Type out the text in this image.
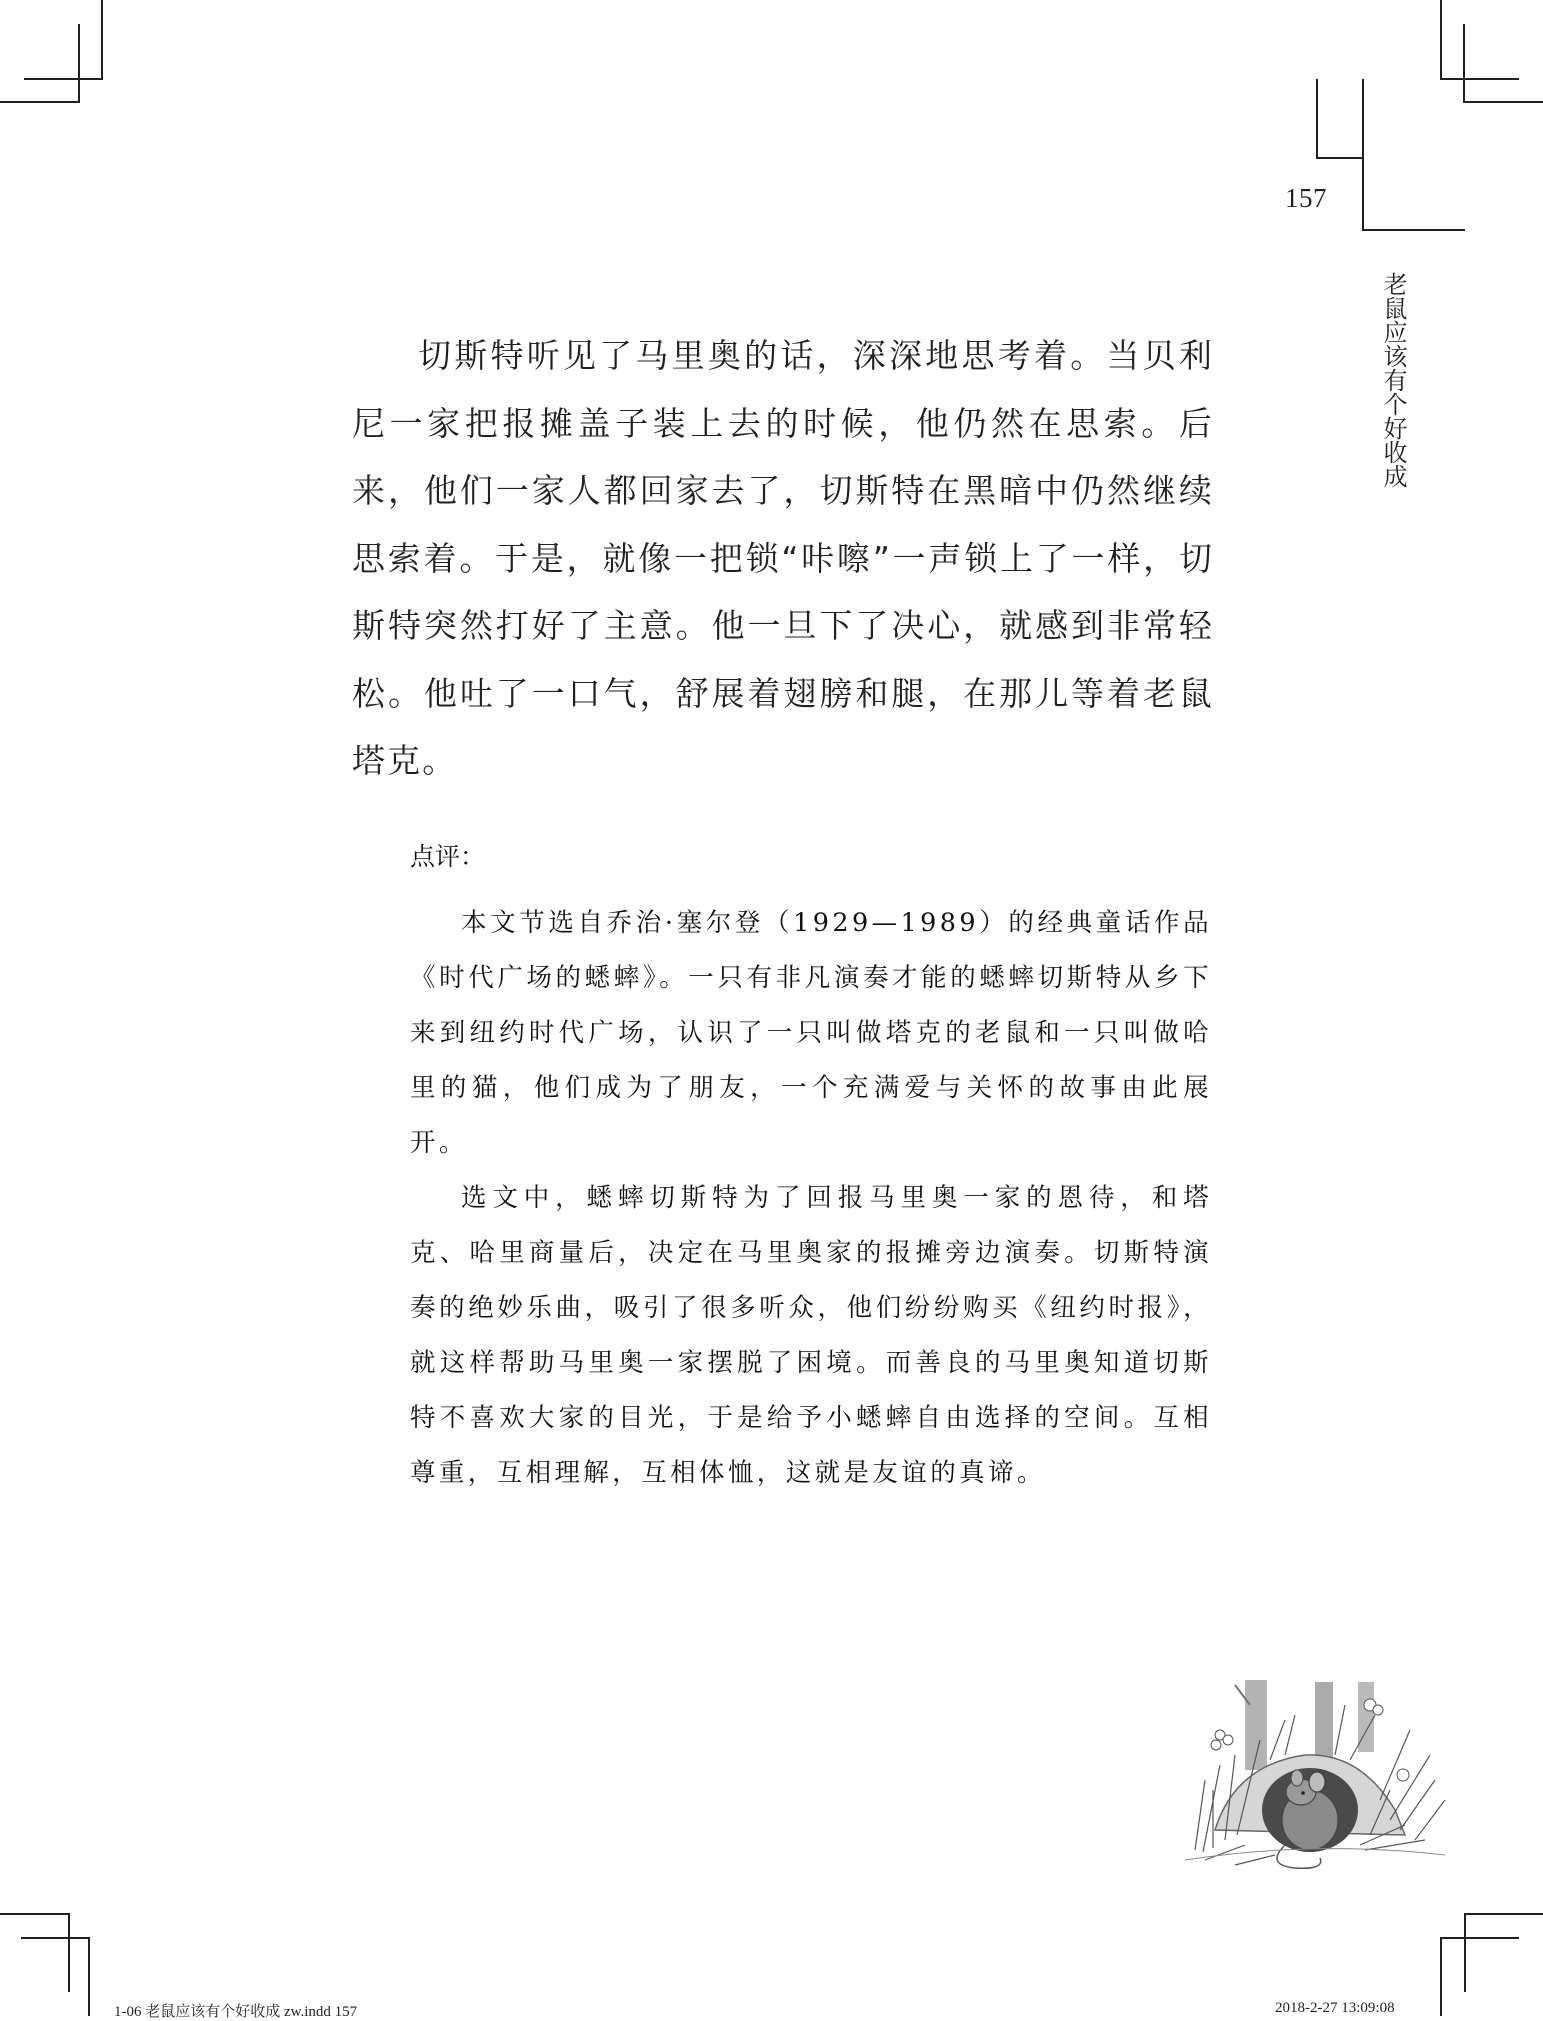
157
老鼠应该有个好收成

切斯特听见了马里奥的话，深深地思考着。当贝利尼一家把报摊盖子装上去的时候，他仍然在思索。后来，他们一家人都回家去了，切斯特在黑暗中仍然继续思索着。于是，就像一把锁“咔嚓”一声锁上了一样，切斯特突然打好了主意。他一旦下了决心，就感到非常轻松。他吐了一口气，舒展着翅膀和腿，在那儿等着老鼠塔克。

点评：

本文节选自乔治·塞尔登（1929—1989）的经典童话作品《时代广场的蟋蟀》。一只有非凡演奏才能的蟋蟀切斯特从乡下来到纽约时代广场，认识了一只叫做塔克的老鼠和一只叫做哈里的猫，他们成为了朋友，一个充满爱与关怀的故事由此展开。

选文中，蟋蟀切斯特为了回报马里奥一家的恩待，和塔克、哈里商量后，决定在马里奥家的报摊旁边演奏。切斯特演奏的绝妙乐曲，吸引了很多听众，他们纷纷购买《纽约时报》，就这样帮助马里奥一家摆脱了困境。而善良的马里奥知道切斯特不喜欢大家的目光，于是给予小蟋蟀自由选择的空间。互相尊重，互相理解，互相体恤，这就是友谊的真谛。

1-06 老鼠应该有个好收成 zw.indd 157	2018-2-27 13:09:08
